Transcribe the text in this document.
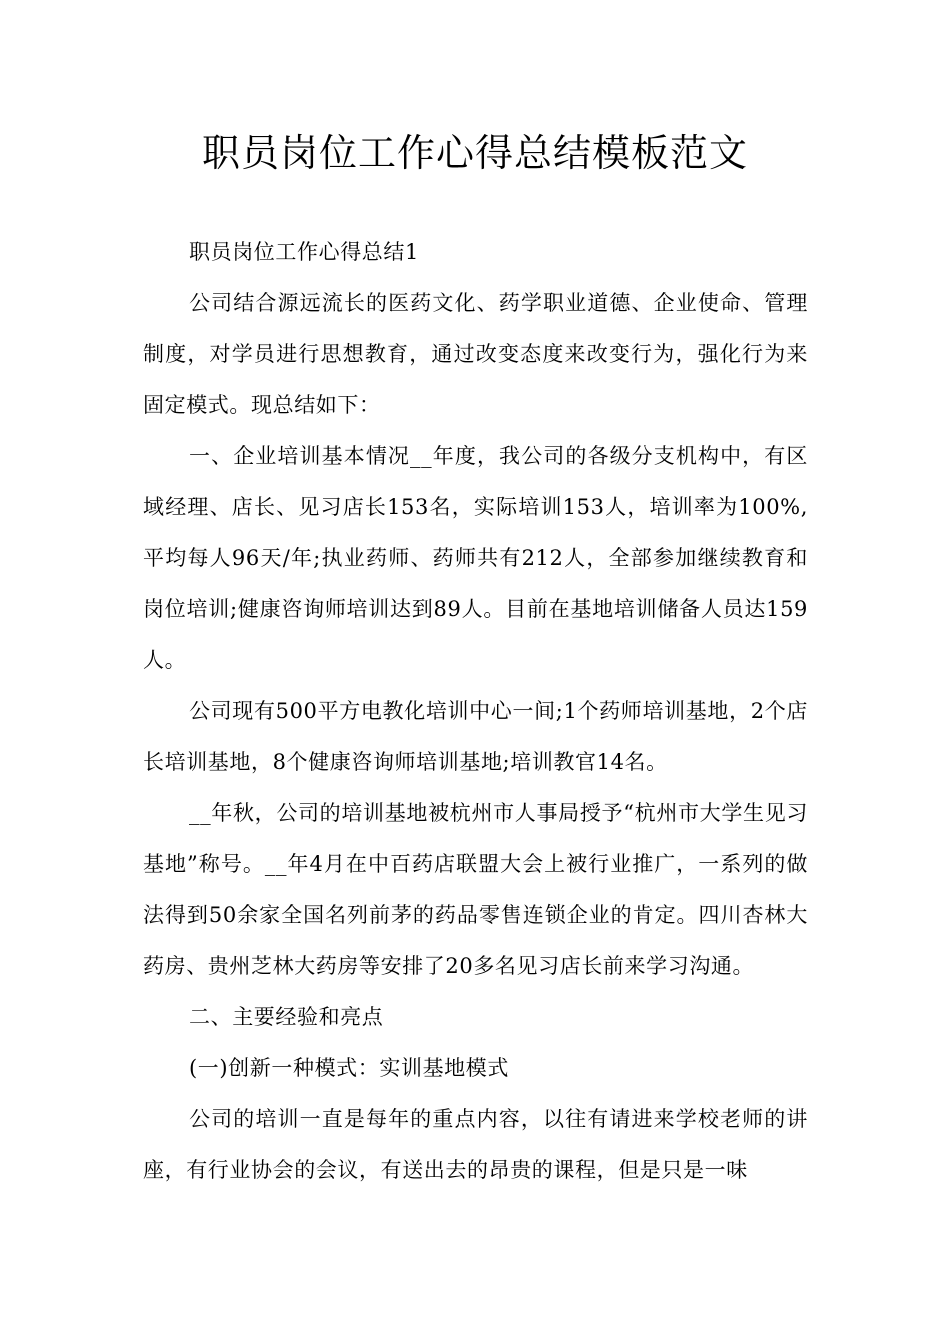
职员岗位工作心得总结模板范文

职员岗位工作心得总结1

公司结合源远流长的医药文化、药学职业道德、企业使命、管理制度，对学员进行思想教育，通过改变态度来改变行为，强化行为来固定模式。现总结如下：

一、企业培训基本情况__年度，我公司的各级分支机构中，有区域经理、店长、见习店长153名，实际培训153人，培训率为100%,平均每人96天/年;执业药师、药师共有212人，全部参加继续教育和岗位培训;健康咨询师培训达到89人。目前在基地培训储备人员达159人。

公司现有500平方电教化培训中心一间;1个药师培训基地，2个店长培训基地，8个健康咨询师培训基地;培训教官14名。

__年秋，公司的培训基地被杭州市人事局授予“杭州市大学生见习基地”称号。__年4月在中百药店联盟大会上被行业推广，一系列的做法得到50余家全国名列前茅的药品零售连锁企业的肯定。四川杏林大药房、贵州芝林大药房等安排了20多名见习店长前来学习沟通。

二、主要经验和亮点

(一)创新一种模式：实训基地模式

公司的培训一直是每年的重点内容，以往有请进来学校老师的讲座，有行业协会的会议，有送出去的昂贵的课程，但是只是一味
